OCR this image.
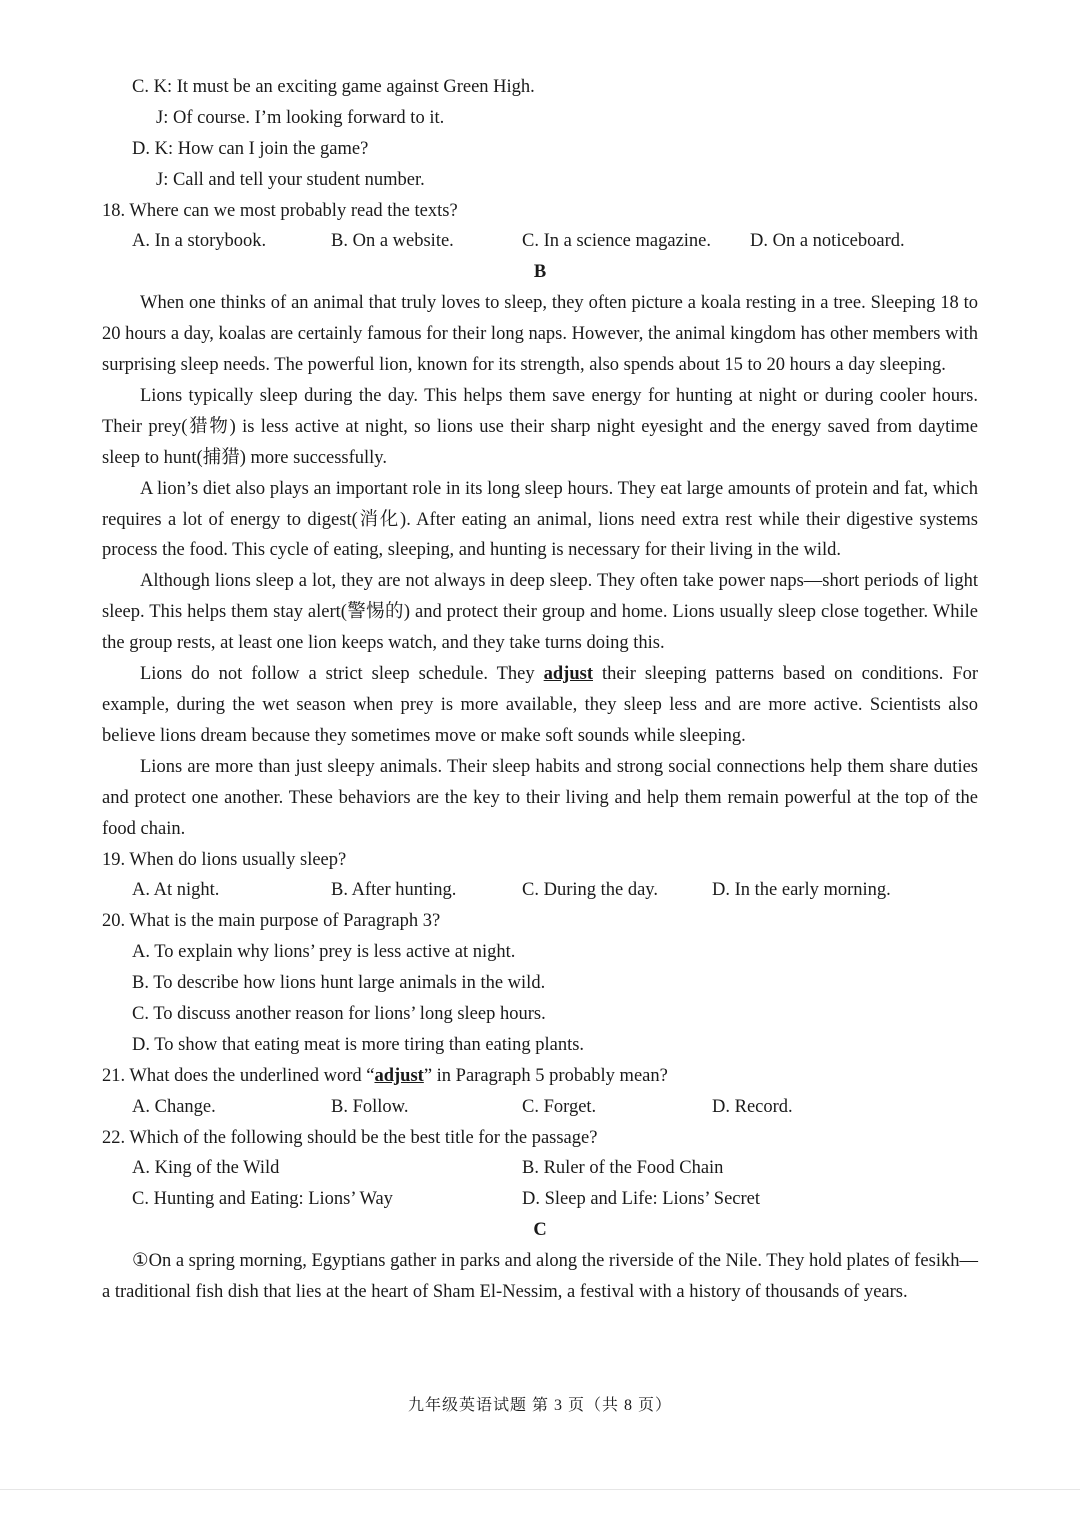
C. K: It must be an exciting game against Green High.
J: Of course. I’m looking forward to it.
D. K: How can I join the game?
J: Call and tell your student number.
18. Where can we most probably read the texts?
A. In a storybook.	B. On a website.	C. In a science magazine. D. On a noticeboard.
B

When one thinks of an animal that truly loves to sleep, they often picture a koala resting in a tree. Sleeping 18 to 20 hours a day, koalas are certainly famous for their long naps. However, the animal kingdom has other members with surprising sleep needs. The powerful lion, known for its strength, also spends about 15 to 20 hours a day sleeping.

Lions typically sleep during the day. This helps them save energy for hunting at night or during cooler hours. Their prey(猎物) is less active at night, so lions use their sharp night eyesight and the energy saved from daytime sleep to hunt(捕猎) more successfully.

A lion’s diet also plays an important role in its long sleep hours. They eat large amounts of protein and fat, which requires a lot of energy to digest(消化). After eating an animal, lions need extra rest while their digestive systems process the food. This cycle of eating, sleeping, and hunting is necessary for their living in the wild.

Although lions sleep a lot, they are not always in deep sleep. They often take power naps—short periods of light sleep. This helps them stay alert(警惕的) and protect their group and home. Lions usually sleep close together. While the group rests, at least one lion keeps watch, and they take turns doing this.

Lions do not follow a strict sleep schedule. They adjust their sleeping patterns based on conditions. For example, during the wet season when prey is more available, they sleep less and are more active. Scientists also believe lions dream because they sometimes move or make soft sounds while sleeping.

Lions are more than just sleepy animals. Their sleep habits and strong social connections help them share duties and protect one another. These behaviors are the key to their living and help them remain powerful at the top of the food chain.

19. When do lions usually sleep?
A. At night.	B. After hunting.	C. During the day.	D. In the early morning.
20. What is the main purpose of Paragraph 3?
A. To explain why lions’ prey is less active at night.
B. To describe how lions hunt large animals in the wild.
C. To discuss another reason for lions’ long sleep hours.
D. To show that eating meat is more tiring than eating plants.
21. What does the underlined word “adjust” in Paragraph 5 probably mean?
A. Change.	B. Follow.	C. Forget.	D. Record.
22. Which of the following should be the best title for the passage?
A. King of the Wild	B. Ruler of the Food Chain
C. Hunting and Eating: Lions’ Way	D. Sleep and Life: Lions’ Secret
C

①On a spring morning, Egyptians gather in parks and along the riverside of the Nile. They hold plates of fesikh—a traditional fish dish that lies at the heart of Sham El-Nessim, a festival with a history of thousands of years.

九年级英语试题 第 3 页（共 8 页）
